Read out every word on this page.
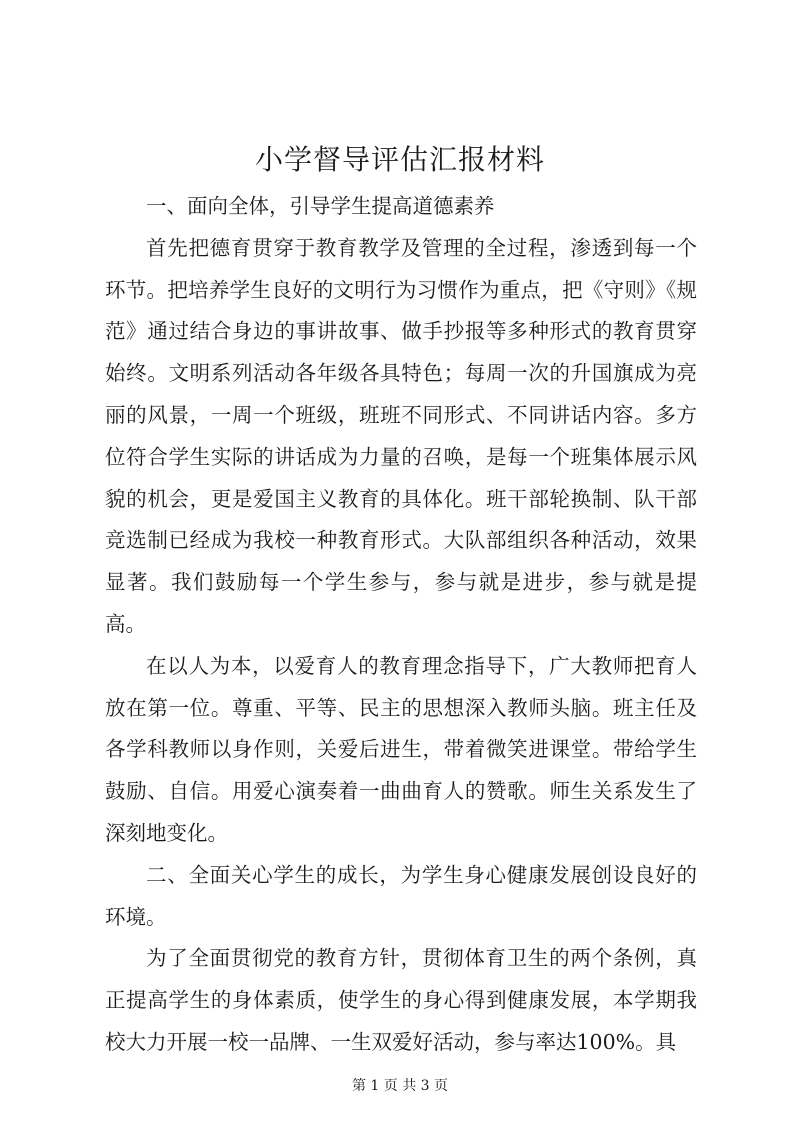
小学督导评估汇报材料

一、面向全体，引导学生提高道德素养

首先把德育贯穿于教育教学及管理的全过程，渗透到每一个环节。把培养学生良好的文明行为习惯作为重点，把《守则》《规范》通过结合身边的事讲故事、做手抄报等多种形式的教育贯穿始终。文明系列活动各年级各具特色；每周一次的升国旗成为亮丽的风景，一周一个班级，班班不同形式、不同讲话内容。多方位符合学生实际的讲话成为力量的召唤，是每一个班集体展示风貌的机会，更是爱国主义教育的具体化。班干部轮换制、队干部竞选制已经成为我校一种教育形式。大队部组织各种活动，效果显著。我们鼓励每一个学生参与，参与就是进步，参与就是提高。

在以人为本，以爱育人的教育理念指导下，广大教师把育人放在第一位。尊重、平等、民主的思想深入教师头脑。班主任及各学科教师以身作则，关爱后进生，带着微笑进课堂。带给学生鼓励、自信。用爱心演奏着一曲曲育人的赞歌。师生关系发生了深刻地变化。

二、全面关心学生的成长，为学生身心健康发展创设良好的环境。

为了全面贯彻党的教育方针，贯彻体育卫生的两个条例，真正提高学生的身体素质，使学生的身心得到健康发展，本学期我校大力开展一校一品牌、一生双爱好活动，参与率达100%。具

第 1 页 共 3 页
